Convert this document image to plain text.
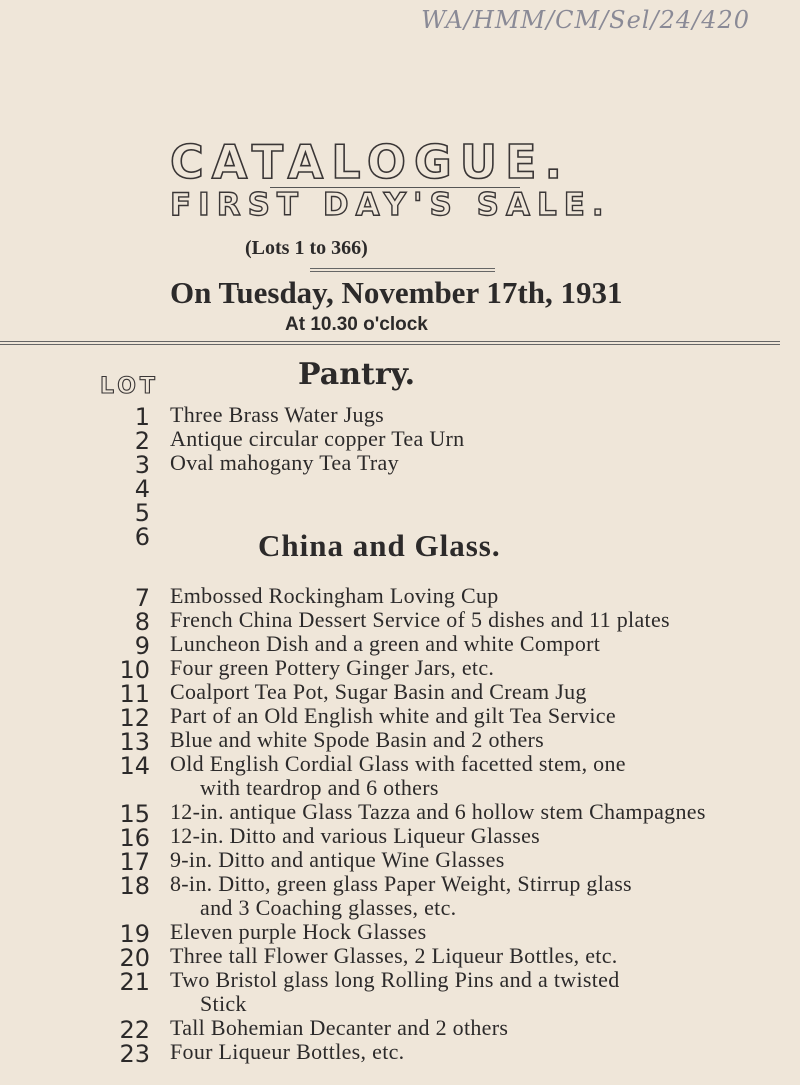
WA/HMM/CM/Sel/24/420
CATALOGUE.
FIRST DAY'S SALE.
(Lots 1 to 366)
On Tuesday, November 17th, 1931
At 10.30 o'clock
LOT	Pantry.
1 Three Brass Water Jugs
2 Antique circular copper Tea Urn
3 Oval mahogany Tea Tray
4
5
6	China and Glass.
7 Embossed Rockingham Loving Cup
8 French China Dessert Service of 5 dishes and 11 plates
9 Luncheon Dish and a green and white Comport
10 Four green Pottery Ginger Jars, etc.
11 Coalport Tea Pot, Sugar Basin and Cream Jug
12 Part of an Old English white and gilt Tea Service
13 Blue and white Spode Basin and 2 others
14 Old English Cordial Glass with facetted stem, one
with teardrop and 6 others
15 12-in. antique Glass Tazza and 6 hollow stem Champagnes
16 12-in. Ditto and various Liqueur Glasses
17 9-in. Ditto and antique Wine Glasses
18 8-in. Ditto, green glass Paper Weight, Stirrup glass
and 3 Coaching glasses, etc.
19 Eleven purple Hock Glasses
20 Three tall Flower Glasses, 2 Liqueur Bottles, etc.
21 Two Bristol glass long Rolling Pins and a twisted
Stick
22 Tall Bohemian Decanter and 2 others
23 Four Liqueur Bottles, etc.
